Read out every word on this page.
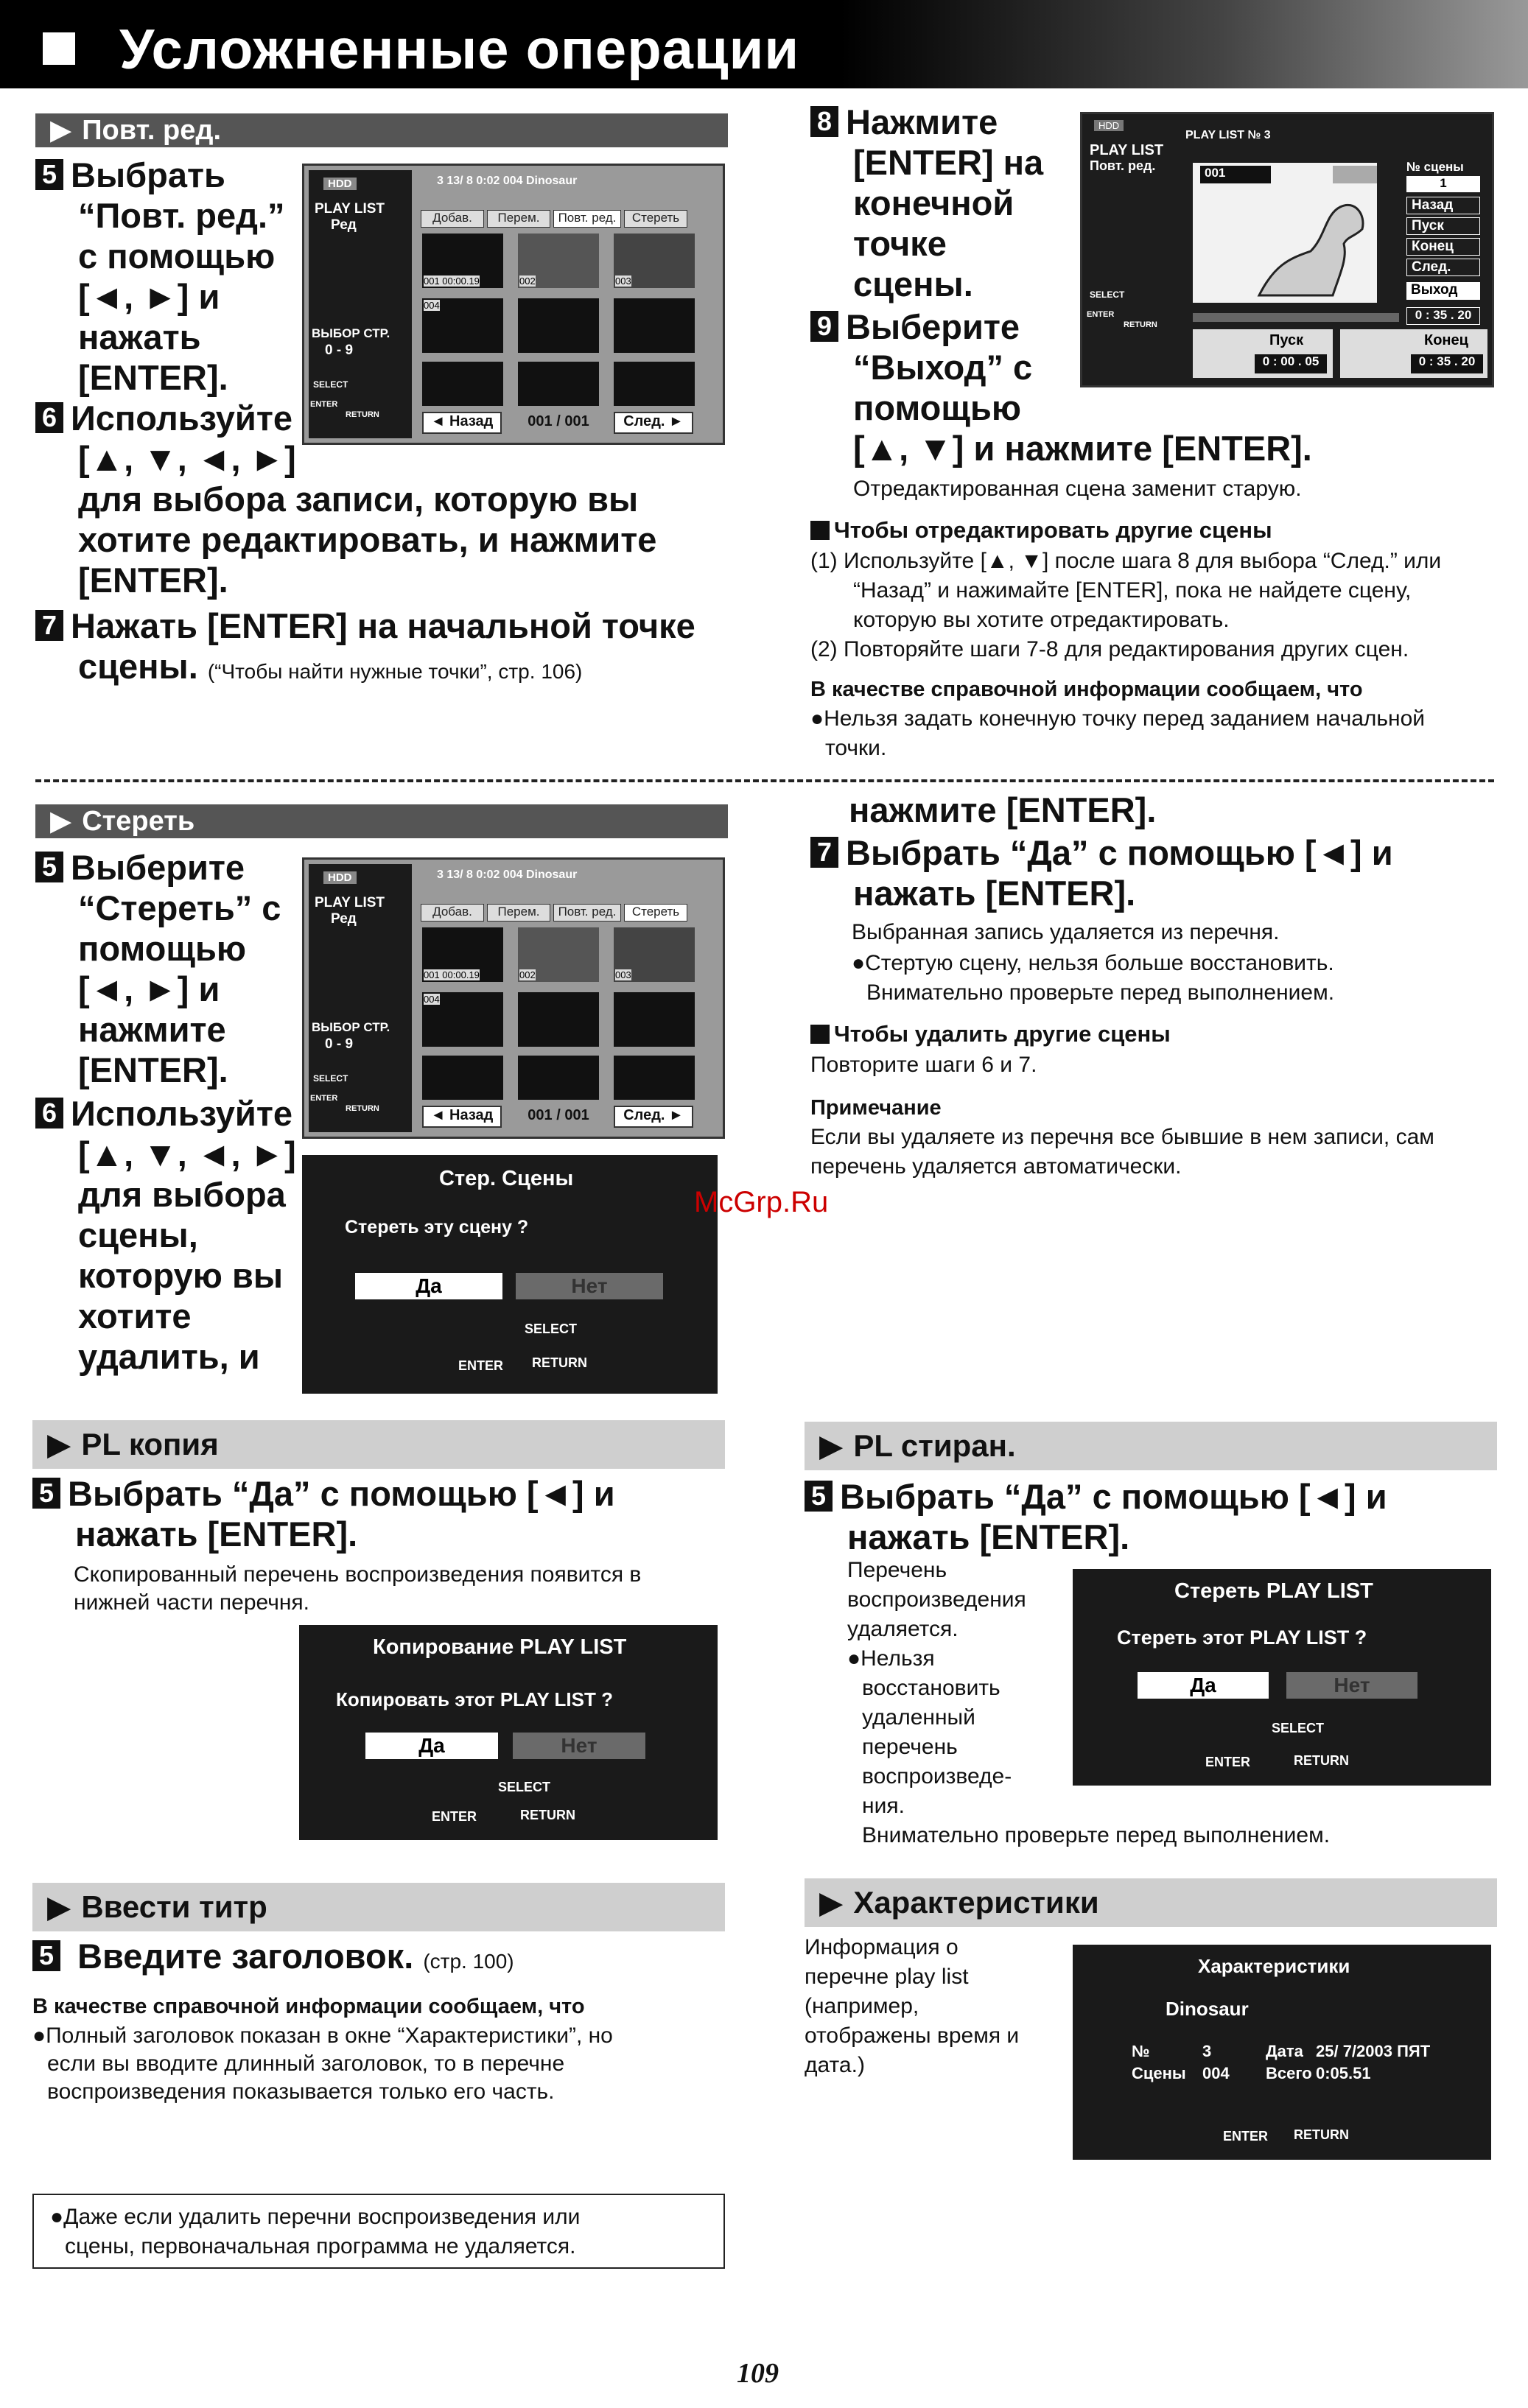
Усложненные операции
▶ Повт. ред.
5 Выбрать
“Повт. ред.”
с помощью
[◄, ►] и
нажать
[ENTER].
6 Используйте
[▲, ▼, ◄, ►]
для выбора записи, которую вы
хотите редактировать, и нажмите
[ENTER].
7 Нажать [ENTER] на начальной точке
сцены. (“Чтобы найти нужные точки”, стр. 106)
HDD
PLAY LIST
Ред
ВЫБОР СТР.
0 - 9
SELECT
ENTER
RETURN
3 13/ 8 0:02 004 Dinosaur
Добав.	Перем.	Повт. ред.	Стереть
001 00:00.19	002	003
004
◄ Назад	001 / 001	След. ►
8 Нажмите
[ENTER] на
конечной
точке
сцены.
9 Выберите
“Выход” с
помощью
[▲, ▼] и нажмите [ENTER].
Отредактированная сцена заменит старую.
Чтобы отредактировать другие сцены
(1) Используйте [▲, ▼] после шага 8 для выбора “След.” или
“Назад” и нажимайте [ENTER], пока не найдете сцену,
которую вы хотите отредактировать.
(2) Повторяйте шаги 7-8 для редактирования других сцен.
В качестве справочной информации сообщаем, что
●Нельзя задать конечную точку перед заданием начальной
точки.
HDD
PLAY LIST
Повт. ред.
PLAY LIST № 3
001	№ сцены
1
Назад
Пуск
Конец
След.
Выход
0 : 35 . 20
SELECT
ENTER
RETURN
Пуск
0 : 00 . 05
Конец
0 : 35 . 20
▶ Стереть
5 Выберите
“Стереть” с
помощью
[◄, ►] и
нажмите
[ENTER].
6 Используйте
[▲, ▼, ◄, ►]
для выбора
сцены,
которую вы
хотите
удалить, и
HDD
PLAY LIST
Ред
ВЫБОР СТР.
0 - 9
SELECT
ENTER
RETURN
3 13/ 8 0:02 004 Dinosaur
Добав.	Перем.	Повт. ред.	Стереть
001 00:00.19	002	003
004
◄ Назад	001 / 001	След. ►
Стер. Сцены
Стереть эту сцену ?
Да	Нет
SELECT
ENTER RETURN
нажмите [ENTER].
7 Выбрать “Да” с помощью [◄] и
нажать [ENTER].
Выбранная запись удаляется из перечня.
●Стертую сцену, нельзя больше восстановить.
Внимательно проверьте перед выполнением.
Чтобы удалить другие сцены
Повторите шаги 6 и 7.
Примечание
Если вы удаляете из перечня все бывшие в нем записи, сам
перечень удаляется автоматически.
McGrp.Ru
▶ PL копия
5 Выбрать “Да” с помощью [◄] и
нажать [ENTER].
Скопированный перечень воспроизведения появится в
нижней части перечня.
Копирование PLAY LIST
Копировать этот PLAY LIST ?
Да	Нет
SELECT
ENTER	RETURN
▶ PL стиран.
5 Выбрать “Да” с помощью [◄] и
нажать [ENTER].
Перечень
воспроизведения
удаляется.
●Нельзя
восстановить
удаленный
перечень
воспроизведе-
ния.
Внимательно проверьте перед выполнением.
Стереть PLAY LIST
Стереть этот PLAY LIST ?
Да	Нет
SELECT
ENTER	RETURN
▶ Ввести титр
5 Введите заголовок. (стр. 100)
В качестве справочной информации сообщаем, что
●Полный заголовок показан в окне “Характеристики”, но
если вы вводите длинный заголовок, то в перечне
воспроизведения показывается только его часть.
▶ Характеристики
Информация о
перечне play list
(например,
отображены время и
дата.)
Характеристики
Dinosaur
№	3	Дата 25/ 7/2003 ПЯТ
Сцены 004 Всего 0:05.51
ENTER RETURN
●Даже если удалить перечни воспроизведения или
сцены, первоначальная программа не удаляется.
109
